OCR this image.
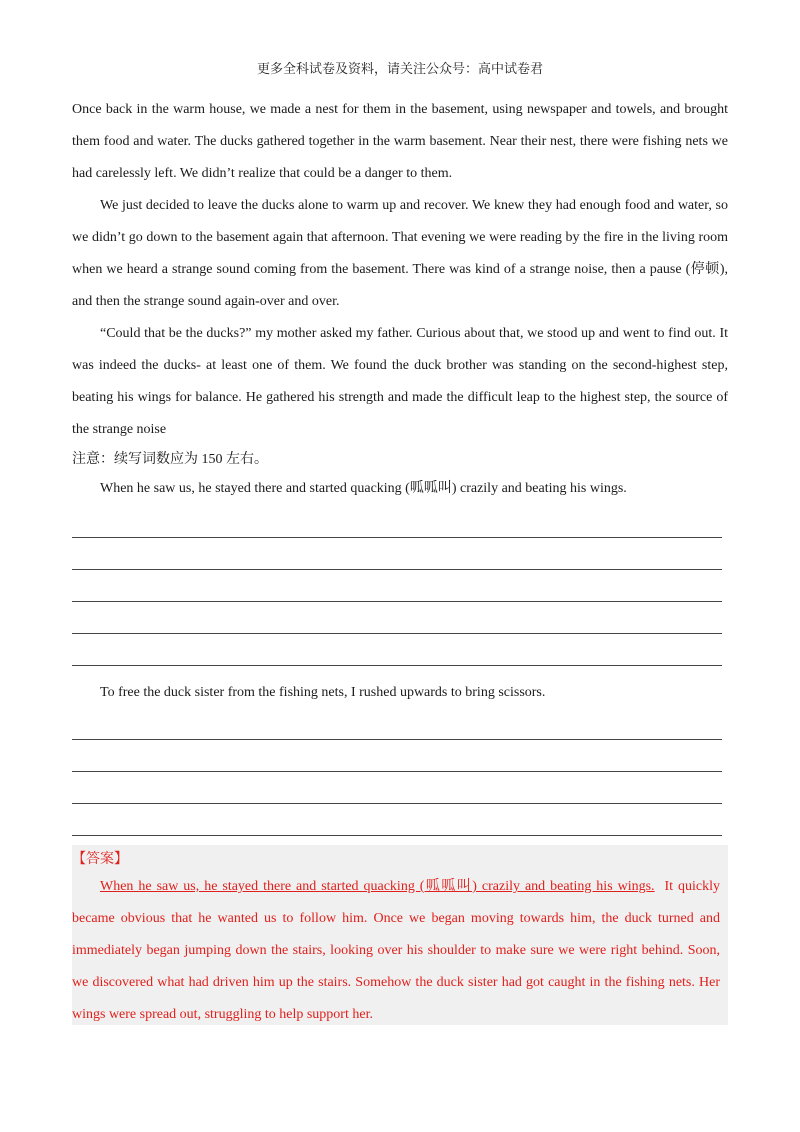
更多全科试卷及资料，请关注公众号：高中试卷君

Once back in the warm house, we made a nest for them in the basement, using newspaper and towels, and brought them food and water. The ducks gathered together in the warm basement. Near their nest, there were fishing nets we had carelessly left. We didn’t realize that could be a danger to them.

We just decided to leave the ducks alone to warm up and recover. We knew they had enough food and water, so we didn’t go down to the basement again that afternoon. That evening we were reading by the fire in the living room when we heard a strange sound coming from the basement. There was kind of a strange noise, then a pause (停顿), and then the strange sound again-over and over.

“Could that be the ducks?” my mother asked my father. Curious about that, we stood up and went to find out. It was indeed the ducks- at least one of them. We found the duck brother was standing on the second-highest step, beating his wings for balance. He gathered his strength and made the difficult leap to the highest step, the source of the strange noise

注意：续写词数应为 150 左右。

When he saw us, he stayed there and started quacking (呱呱叫) crazily and beating his wings.

To free the duck sister from the fishing nets, I rushed upwards to bring scissors.

【答案】
When he saw us, he stayed there and started quacking (呱呱叫) crazily and beating his wings. It quickly became obvious that he wanted us to follow him. Once we began moving towards him, the duck turned and immediately began jumping down the stairs, looking over his shoulder to make sure we were right behind. Soon, we discovered what had driven him up the stairs. Somehow the duck sister had got caught in the fishing nets. Her wings were spread out, struggling to help support her.
